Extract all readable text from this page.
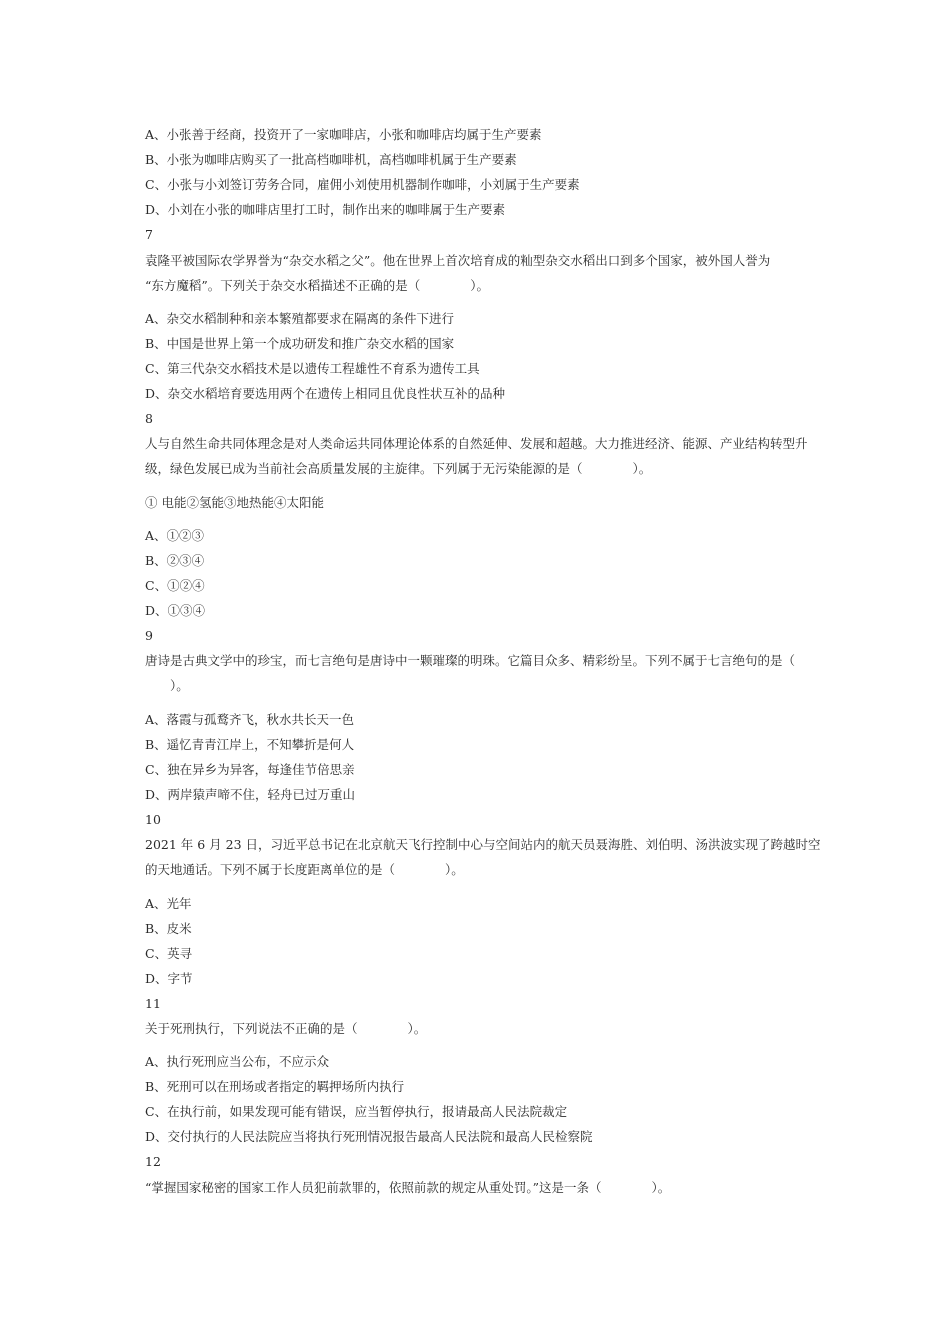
A、小张善于经商，投资开了一家咖啡店，小张和咖啡店均属于生产要素
B、小张为咖啡店购买了一批高档咖啡机，高档咖啡机属于生产要素
C、小张与小刘签订劳务合同，雇佣小刘使用机器制作咖啡，小刘属于生产要素
D、小刘在小张的咖啡店里打工时，制作出来的咖啡属于生产要素
7
袁隆平被国际农学界誉为“杂交水稻之父”。他在世界上首次培育成的籼型杂交水稻出口到多个国家，被外国人誉为
“东方魔稻”。下列关于杂交水稻描述不正确的是（　　　　）。
A、杂交水稻制种和亲本繁殖都要求在隔离的条件下进行
B、中国是世界上第一个成功研发和推广杂交水稻的国家
C、第三代杂交水稻技术是以遗传工程雄性不育系为遗传工具
D、杂交水稻培育要选用两个在遗传上相同且优良性状互补的品种
8
人与自然生命共同体理念是对人类命运共同体理论体系的自然延伸、发展和超越。大力推进经济、能源、产业结构转型升
级，绿色发展已成为当前社会高质量发展的主旋律。下列属于无污染能源的是（　　　　）。
① 电能②氢能③地热能④太阳能
A、①②③
B、②③④
C、①②④
D、①③④
9
唐诗是古典文学中的珍宝，而七言绝句是唐诗中一颗璀璨的明珠。它篇目众多、精彩纷呈。下列不属于七言绝句的是（
　　）。
A、落霞与孤鹜齐飞，秋水共长天一色
B、遥忆青青江岸上，不知攀折是何人
C、独在异乡为异客，每逢佳节倍思亲
D、两岸猿声啼不住，轻舟已过万重山
10
2021 年 6 月 23 日，习近平总书记在北京航天飞行控制中心与空间站内的航天员聂海胜、刘伯明、汤洪波实现了跨越时空
的天地通话。下列不属于长度距离单位的是（　　　　）。
A、光年
B、皮米
C、英寻
D、字节
11
关于死刑执行，下列说法不正确的是（　　　　）。
A、执行死刑应当公布，不应示众
B、死刑可以在刑场或者指定的羁押场所内执行
C、在执行前，如果发现可能有错误，应当暂停执行，报请最高人民法院裁定
D、交付执行的人民法院应当将执行死刑情况报告最高人民法院和最高人民检察院
12
“掌握国家秘密的国家工作人员犯前款罪的，依照前款的规定从重处罚。”这是一条（　　　　）。
